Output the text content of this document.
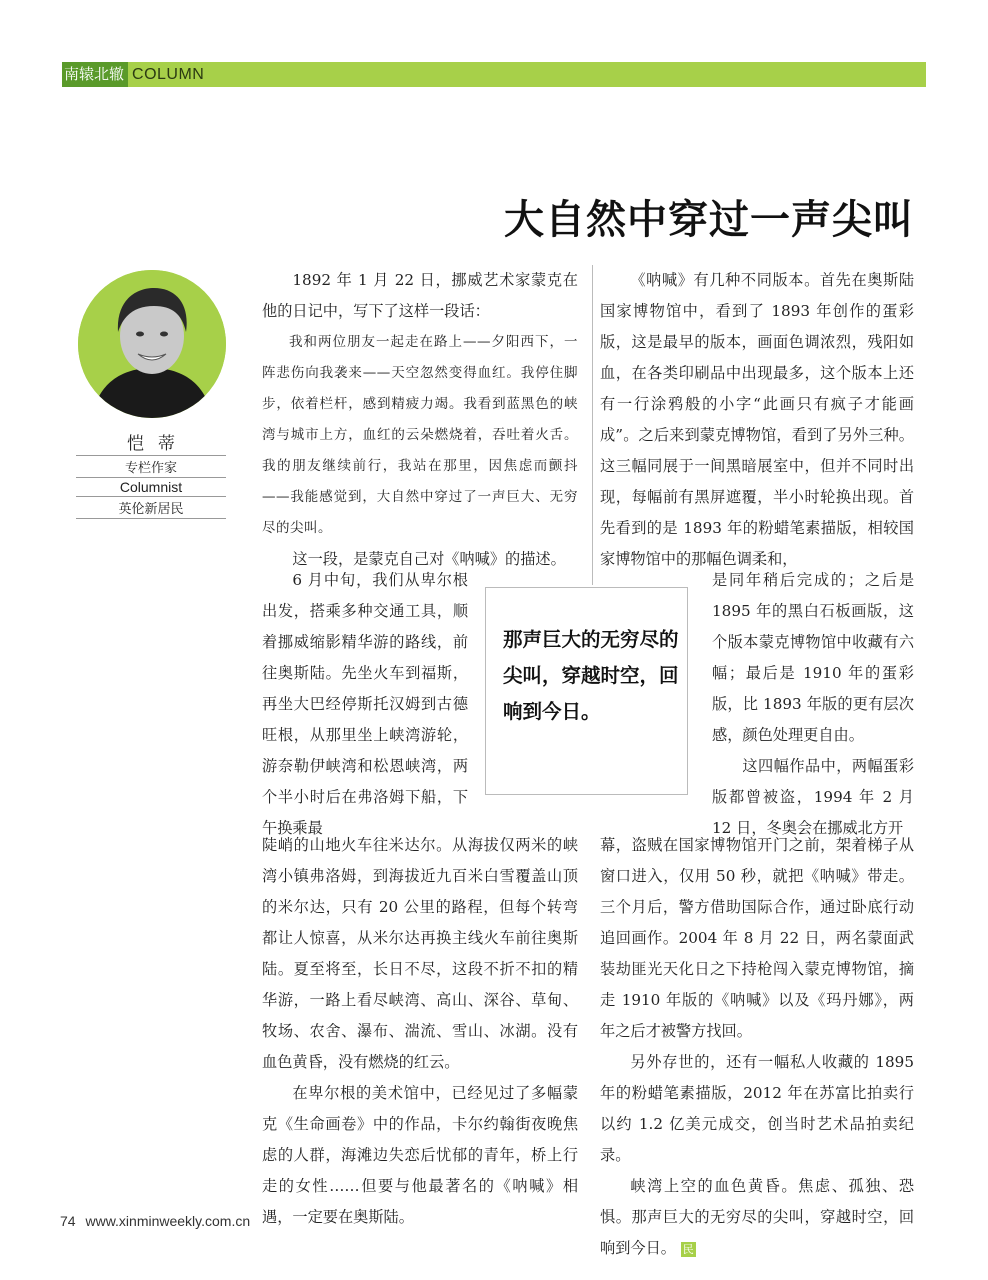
南辕北辙 COLUMN
大自然中穿过一声尖叫
恺蒂
专栏作家
Columnist
英伦新居民

1892 年 1 月 22 日，挪威艺术家蒙克在他的日记中，写下了这样一段话：

我和两位朋友一起走在路上——夕阳西下，一阵悲伤向我袭来——天空忽然变得血红。我停住脚步，依着栏杆，感到精疲力竭。我看到蓝黑色的峡湾与城市上方，血红的云朵燃烧着，吞吐着火舌。我的朋友继续前行，我站在那里，因焦虑而颤抖——我能感觉到，大自然中穿过了一声巨大、无穷尽的尖叫。

这一段，是蒙克自己对《呐喊》的描述。

6 月中旬，我们从卑尔根出发，搭乘多种交通工具，顺着挪威缩影精华游的路线，前往奥斯陆。先坐火车到福斯，再坐大巴经停斯托汉姆到古德旺根，从那里坐上峡湾游轮，游奈勒伊峡湾和松恩峡湾，两个半小时后在弗洛姆下船，下午换乘最

陡峭的山地火车往米达尔。从海拔仅两米的峡湾小镇弗洛姆，到海拔近九百米白雪覆盖山顶的米尔达，只有 20 公里的路程，但每个转弯都让人惊喜，从米尔达再换主线火车前往奥斯陆。夏至将至，长日不尽，这段不折不扣的精华游，一路上看尽峡湾、高山、深谷、草甸、牧场、农舍、瀑布、湍流、雪山、冰湖。没有血色黄昏，没有燃烧的红云。

在卑尔根的美术馆中，已经见过了多幅蒙克《生命画卷》中的作品，卡尔约翰街夜晚焦虑的人群，海滩边失恋后忧郁的青年，桥上行走的女性……但要与他最著名的《呐喊》相遇，一定要在奥斯陆。

《呐喊》有几种不同版本。首先在奥斯陆国家博物馆中，看到了 1893 年创作的蛋彩版，这是最早的版本，画面色调浓烈，残阳如血，在各类印刷品中出现最多，这个版本上还有一行涂鸦般的小字“此画只有疯子才能画成”。之后来到蒙克博物馆，看到了另外三种。这三幅同展于一间黑暗展室中，但并不同时出现，每幅前有黑屏遮覆，半小时轮换出现。首先看到的是 1893 年的粉蜡笔素描版，相较国家博物馆中的那幅色调柔和，

是同年稍后完成的；之后是 1895 年的黑白石板画版，这个版本蒙克博物馆中收藏有六幅；最后是 1910 年的蛋彩版，比 1893 年版的更有层次感，颜色处理更自由。

这四幅作品中，两幅蛋彩版都曾被盗，1994 年 2 月 12 日，冬奥会在挪威北方开

幕，盗贼在国家博物馆开门之前，架着梯子从窗口进入，仅用 50 秒，就把《呐喊》带走。三个月后，警方借助国际合作，通过卧底行动追回画作。2004 年 8 月 22 日，两名蒙面武装劫匪光天化日之下持枪闯入蒙克博物馆，摘走 1910 年版的《呐喊》以及《玛丹娜》，两年之后才被警方找回。

另外存世的，还有一幅私人收藏的 1895 年的粉蜡笔素描版，2012 年在苏富比拍卖行以约 1.2 亿美元成交，创当时艺术品拍卖纪录。

峡湾上空的血色黄昏。焦虑、孤独、恐惧。那声巨大的无穷尽的尖叫，穿越时空，回响到今日。 民

那声巨大的无穷尽的尖叫，穿越时空，回响到今日。
74 www.xinminweekly.com.cn
